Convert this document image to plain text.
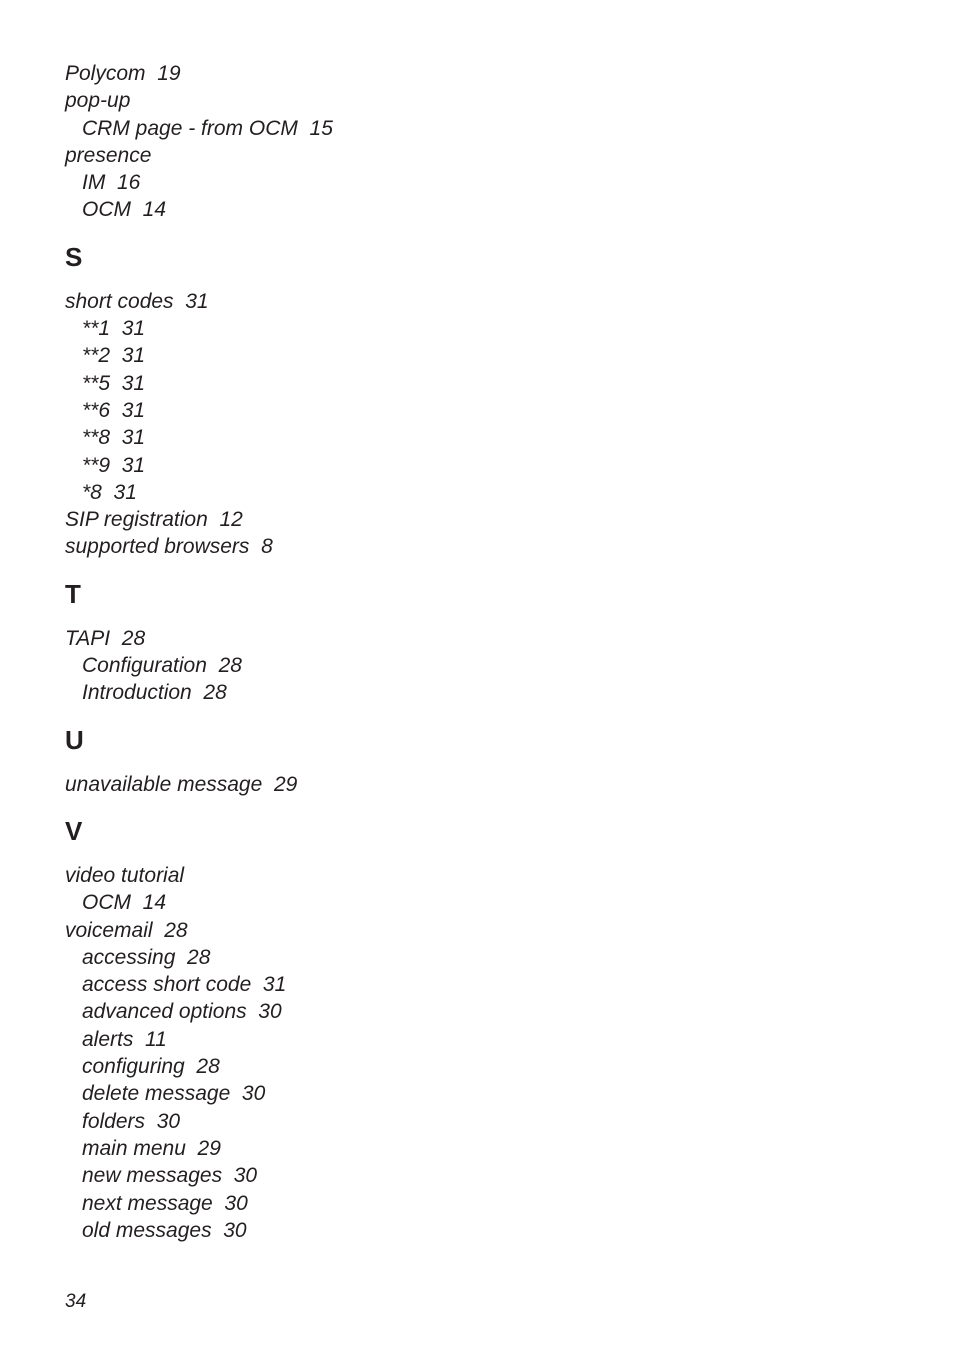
Polycom  19
pop-up
CRM page - from OCM  15
presence
IM  16
OCM  14
S
short codes  31
**1  31
**2  31
**5  31
**6  31
**8  31
**9  31
*8  31
SIP registration  12
supported browsers  8
T
TAPI  28
Configuration  28
Introduction  28
U
unavailable message  29
V
video tutorial
OCM  14
voicemail  28
accessing  28
access short code  31
advanced options  30
alerts  11
configuring  28
delete message  30
folders  30
main menu  29
new messages  30
next message  30
old messages  30
34
